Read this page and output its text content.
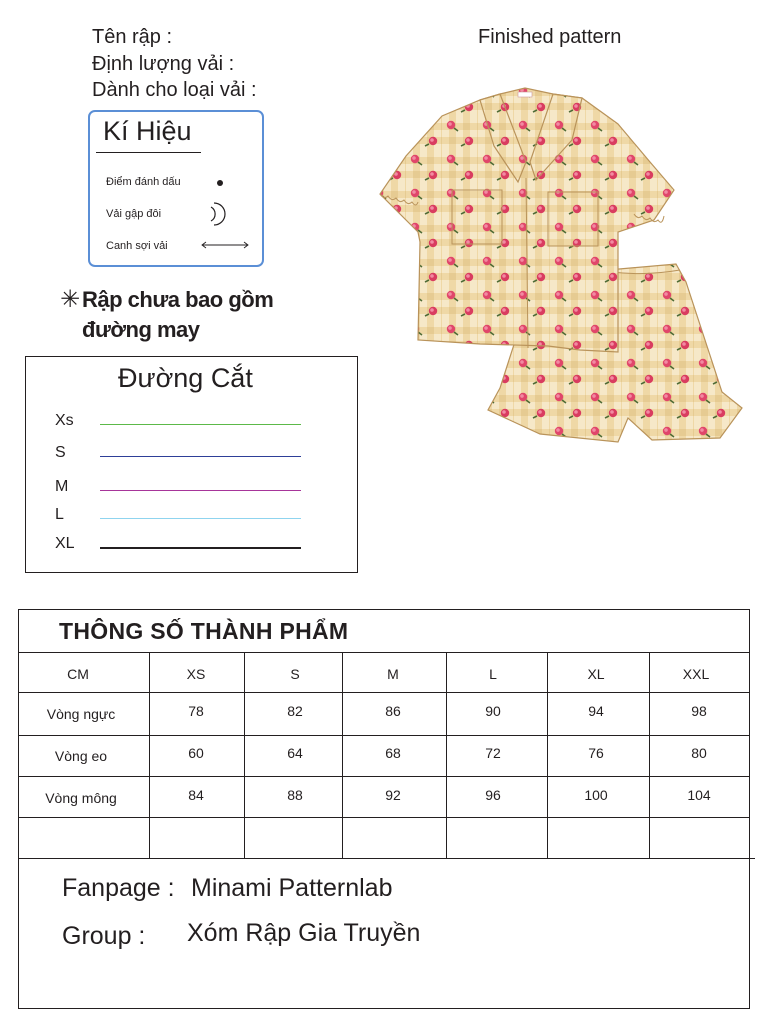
Tên rập :
Định lượng vải :
Dành cho loại vải :
Finished pattern
Kí Hiệu
Điểm đánh dấu
Vải gập đôi
Canh sợi vải
✳ Rập chưa bao gồm
đường may
Đường Cắt
Xs
S
M
L
XL
THÔNG SỐ THÀNH PHẨM
CM	XS	S	M	L	XL	XXL
Vòng ngực	78	82	86	90	94	98
Vòng eo	60	64	68	72	76	80
Vòng mông	84	88	92	96	100	104
Fanpage : Minami Patternlab
Group : Xóm Rập Gia Truyền
